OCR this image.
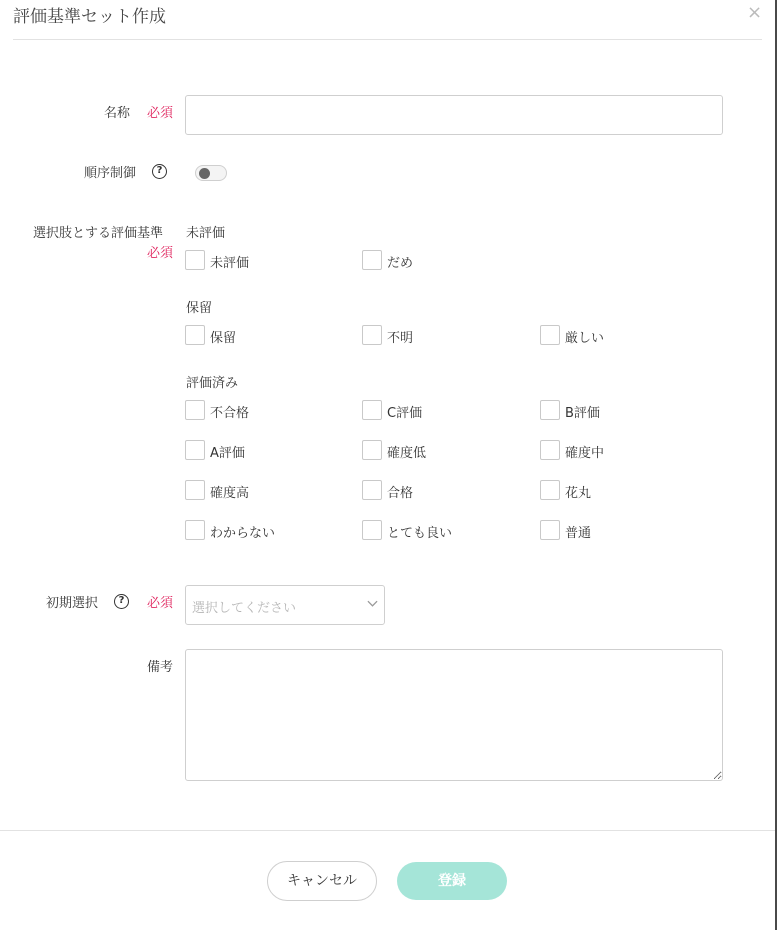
評価基準セット作成	×
名称 必須
順序制御	?
選択肢とする評価基準
必須
未評価
未評価	だめ
保留
保留	不明	厳しい
評価済み
不合格	C評価	B評価
A評価	確度低	確度中
確度高	合格	花丸
わからない	とても良い	普通
初期選択	?	必須 選択してください
備考
キャンセル	登録
